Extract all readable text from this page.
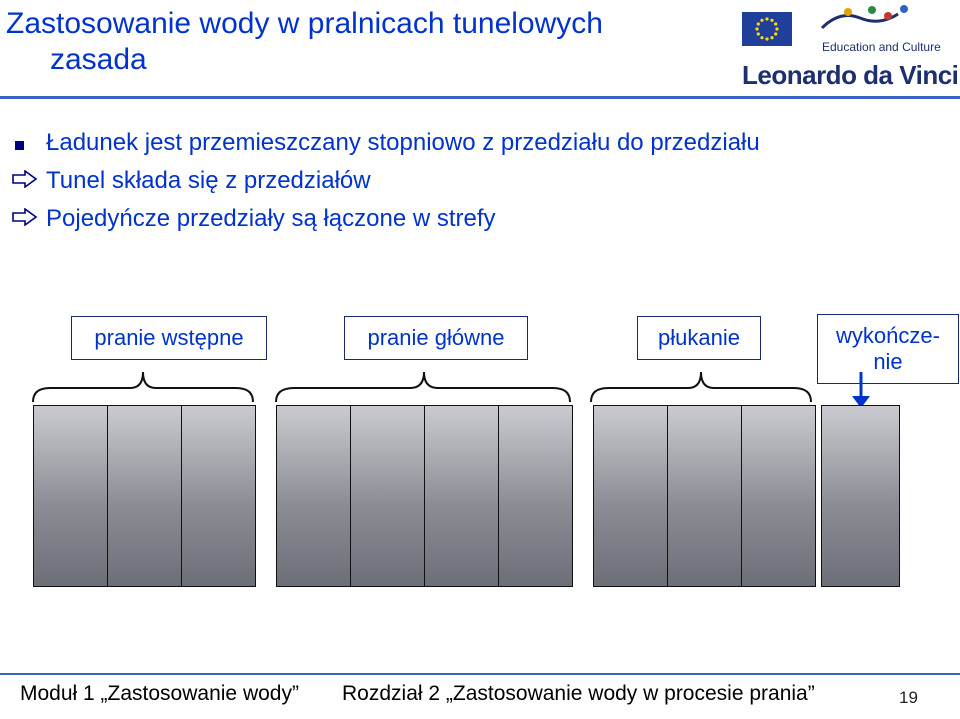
Zastosowanie wody w pralnicach tunelowych
zasada	Education and Culture
Leonardo da Vinci
Ładunek jest przemieszczany stopniowo z przedziału do przedziału
Tunel składa się z przedziałów
Pojedyńcze przedziały są łączone w strefy
pranie wstępne	pranie główne	płukanie	wykończe-
nie
Moduł 1 „Zastosowanie wody” Rozdział 2 „Zastosowanie wody w procesie prania”	19
